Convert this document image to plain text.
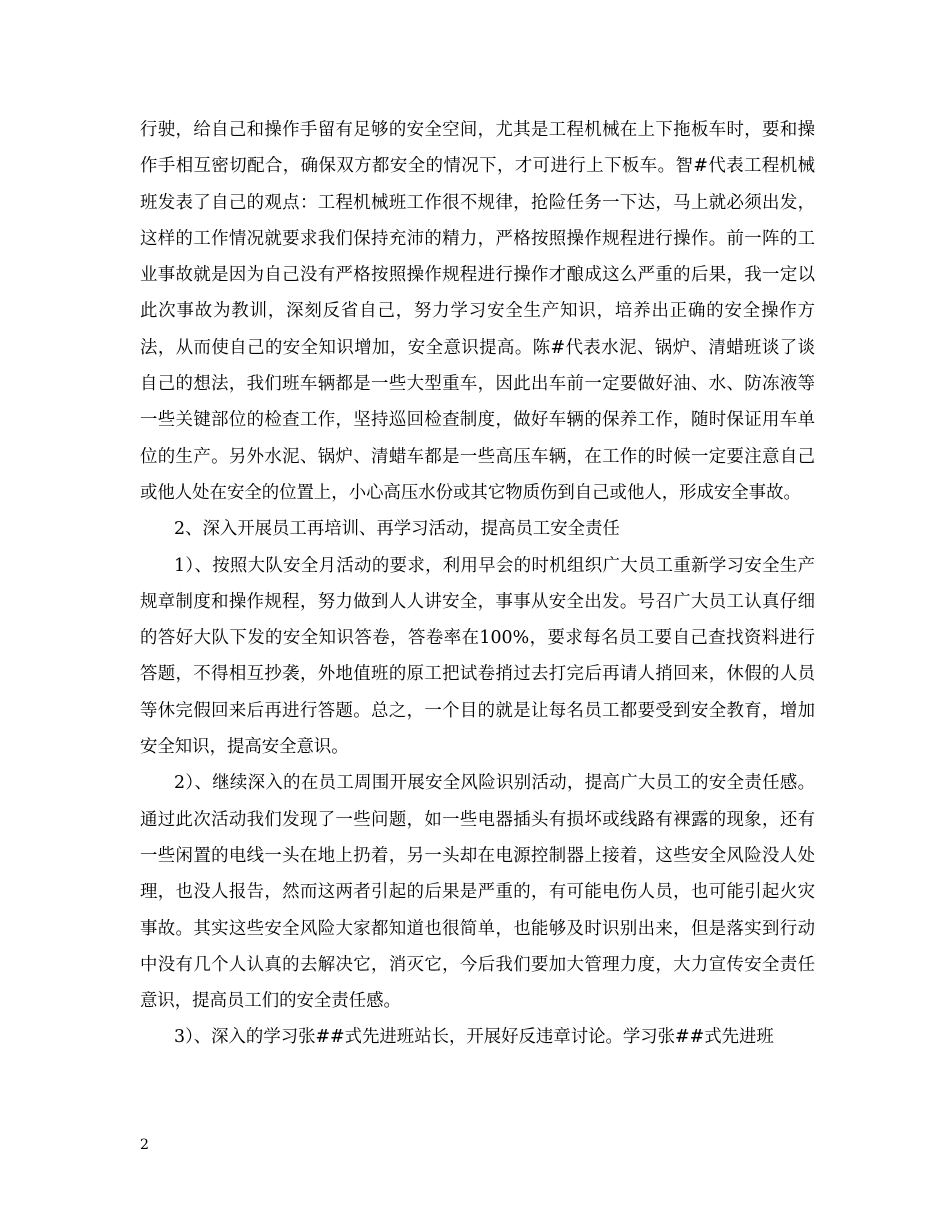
行驶，给自己和操作手留有足够的安全空间，尤其是工程机械在上下拖板车时，要和操作手相互密切配合，确保双方都安全的情况下，才可进行上下板车。智#代表工程机械班发表了自己的观点：工程机械班工作很不规律，抢险任务一下达，马上就必须出发，这样的工作情况就要求我们保持充沛的精力，严格按照操作规程进行操作。前一阵的工业事故就是因为自己没有严格按照操作规程进行操作才酿成这么严重的后果，我一定以此次事故为教训，深刻反省自己，努力学习安全生产知识，培养出正确的安全操作方法，从而使自己的安全知识增加，安全意识提高。陈#代表水泥、锅炉、清蜡班谈了谈自己的想法，我们班车辆都是一些大型重车，因此出车前一定要做好油、水、防冻液等一些关键部位的检查工作，坚持巡回检查制度，做好车辆的保养工作，随时保证用车单位的生产。另外水泥、锅炉、清蜡车都是一些高压车辆，在工作的时候一定要注意自己或他人处在安全的位置上，小心高压水份或其它物质伤到自己或他人，形成安全事故。

2、深入开展员工再培训、再学习活动，提高员工安全责任

1）、按照大队安全月活动的要求，利用早会的时机组织广大员工重新学习安全生产规章制度和操作规程，努力做到人人讲安全，事事从安全出发。号召广大员工认真仔细的答好大队下发的安全知识答卷，答卷率在100%，要求每名员工要自己查找资料进行答题，不得相互抄袭，外地值班的原工把试卷捎过去打完后再请人捎回来，休假的人员等休完假回来后再进行答题。总之，一个目的就是让每名员工都要受到安全教育，增加安全知识，提高安全意识。

2）、继续深入的在员工周围开展安全风险识别活动，提高广大员工的安全责任感。通过此次活动我们发现了一些问题，如一些电器插头有损坏或线路有裸露的现象，还有一些闲置的电线一头在地上扔着，另一头却在电源控制器上接着，这些安全风险没人处理，也没人报告，然而这两者引起的后果是严重的，有可能电伤人员，也可能引起火灾事故。其实这些安全风险大家都知道也很简单，也能够及时识别出来，但是落实到行动中没有几个人认真的去解决它，消灭它，今后我们要加大管理力度，大力宣传安全责任意识，提高员工们的安全责任感。

3）、深入的学习张##式先进班站长，开展好反违章讨论。学习张##式先进班

2
